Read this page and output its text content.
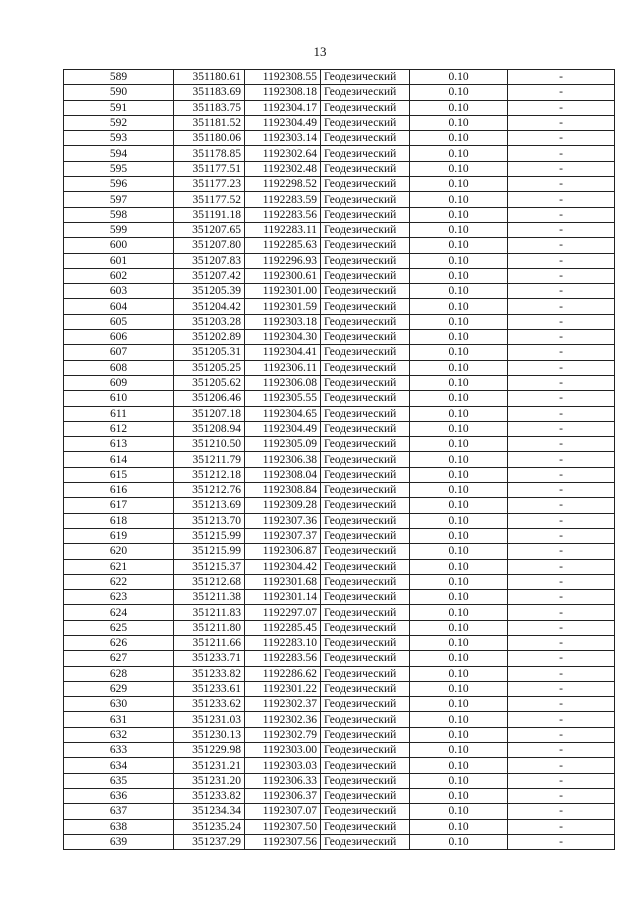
13
589	351180.61	1192308.55	Геодезический	0.10	-
590	351183.69	1192308.18	Геодезический	0.10	-
591	351183.75	1192304.17	Геодезический	0.10	-
592	351181.52	1192304.49	Геодезический	0.10	-
593	351180.06	1192303.14	Геодезический	0.10	-
594	351178.85	1192302.64	Геодезический	0.10	-
595	351177.51	1192302.48	Геодезический	0.10	-
596	351177.23	1192298.52	Геодезический	0.10	-
597	351177.52	1192283.59	Геодезический	0.10	-
598	351191.18	1192283.56	Геодезический	0.10	-
599	351207.65	1192283.11	Геодезический	0.10	-
600	351207.80	1192285.63	Геодезический	0.10	-
601	351207.83	1192296.93	Геодезический	0.10	-
602	351207.42	1192300.61	Геодезический	0.10	-
603	351205.39	1192301.00	Геодезический	0.10	-
604	351204.42	1192301.59	Геодезический	0.10	-
605	351203.28	1192303.18	Геодезический	0.10	-
606	351202.89	1192304.30	Геодезический	0.10	-
607	351205.31	1192304.41	Геодезический	0.10	-
608	351205.25	1192306.11	Геодезический	0.10	-
609	351205.62	1192306.08	Геодезический	0.10	-
610	351206.46	1192305.55	Геодезический	0.10	-
611	351207.18	1192304.65	Геодезический	0.10	-
612	351208.94	1192304.49	Геодезический	0.10	-
613	351210.50	1192305.09	Геодезический	0.10	-
614	351211.79	1192306.38	Геодезический	0.10	-
615	351212.18	1192308.04	Геодезический	0.10	-
616	351212.76	1192308.84	Геодезический	0.10	-
617	351213.69	1192309.28	Геодезический	0.10	-
618	351213.70	1192307.36	Геодезический	0.10	-
619	351215.99	1192307.37	Геодезический	0.10	-
620	351215.99	1192306.87	Геодезический	0.10	-
621	351215.37	1192304.42	Геодезический	0.10	-
622	351212.68	1192301.68	Геодезический	0.10	-
623	351211.38	1192301.14	Геодезический	0.10	-
624	351211.83	1192297.07	Геодезический	0.10	-
625	351211.80	1192285.45	Геодезический	0.10	-
626	351211.66	1192283.10	Геодезический	0.10	-
627	351233.71	1192283.56	Геодезический	0.10	-
628	351233.82	1192286.62	Геодезический	0.10	-
629	351233.61	1192301.22	Геодезический	0.10	-
630	351233.62	1192302.37	Геодезический	0.10	-
631	351231.03	1192302.36	Геодезический	0.10	-
632	351230.13	1192302.79	Геодезический	0.10	-
633	351229.98	1192303.00	Геодезический	0.10	-
634	351231.21	1192303.03	Геодезический	0.10	-
635	351231.20	1192306.33	Геодезический	0.10	-
636	351233.82	1192306.37	Геодезический	0.10	-
637	351234.34	1192307.07	Геодезический	0.10	-
638	351235.24	1192307.50	Геодезический	0.10	-
639	351237.29	1192307.56	Геодезический	0.10	-
